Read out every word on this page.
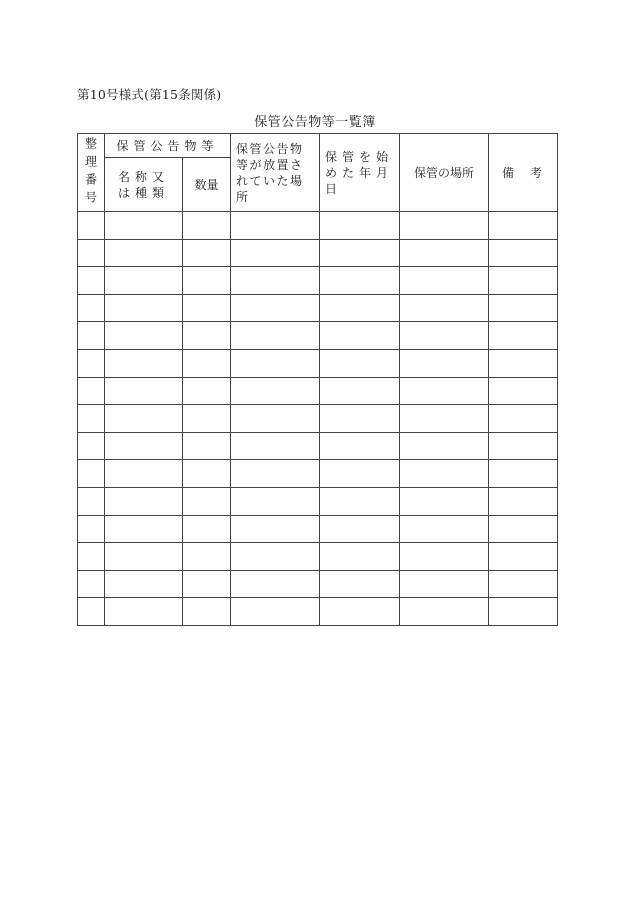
第10号様式(第15条関係)
保管公告物等一覧簿
整理番号	保管公告物等		保管公告物等が放置されていた場所	保管を始めた年月日	保管の場所	備　考
	名称又は種類	数量				
